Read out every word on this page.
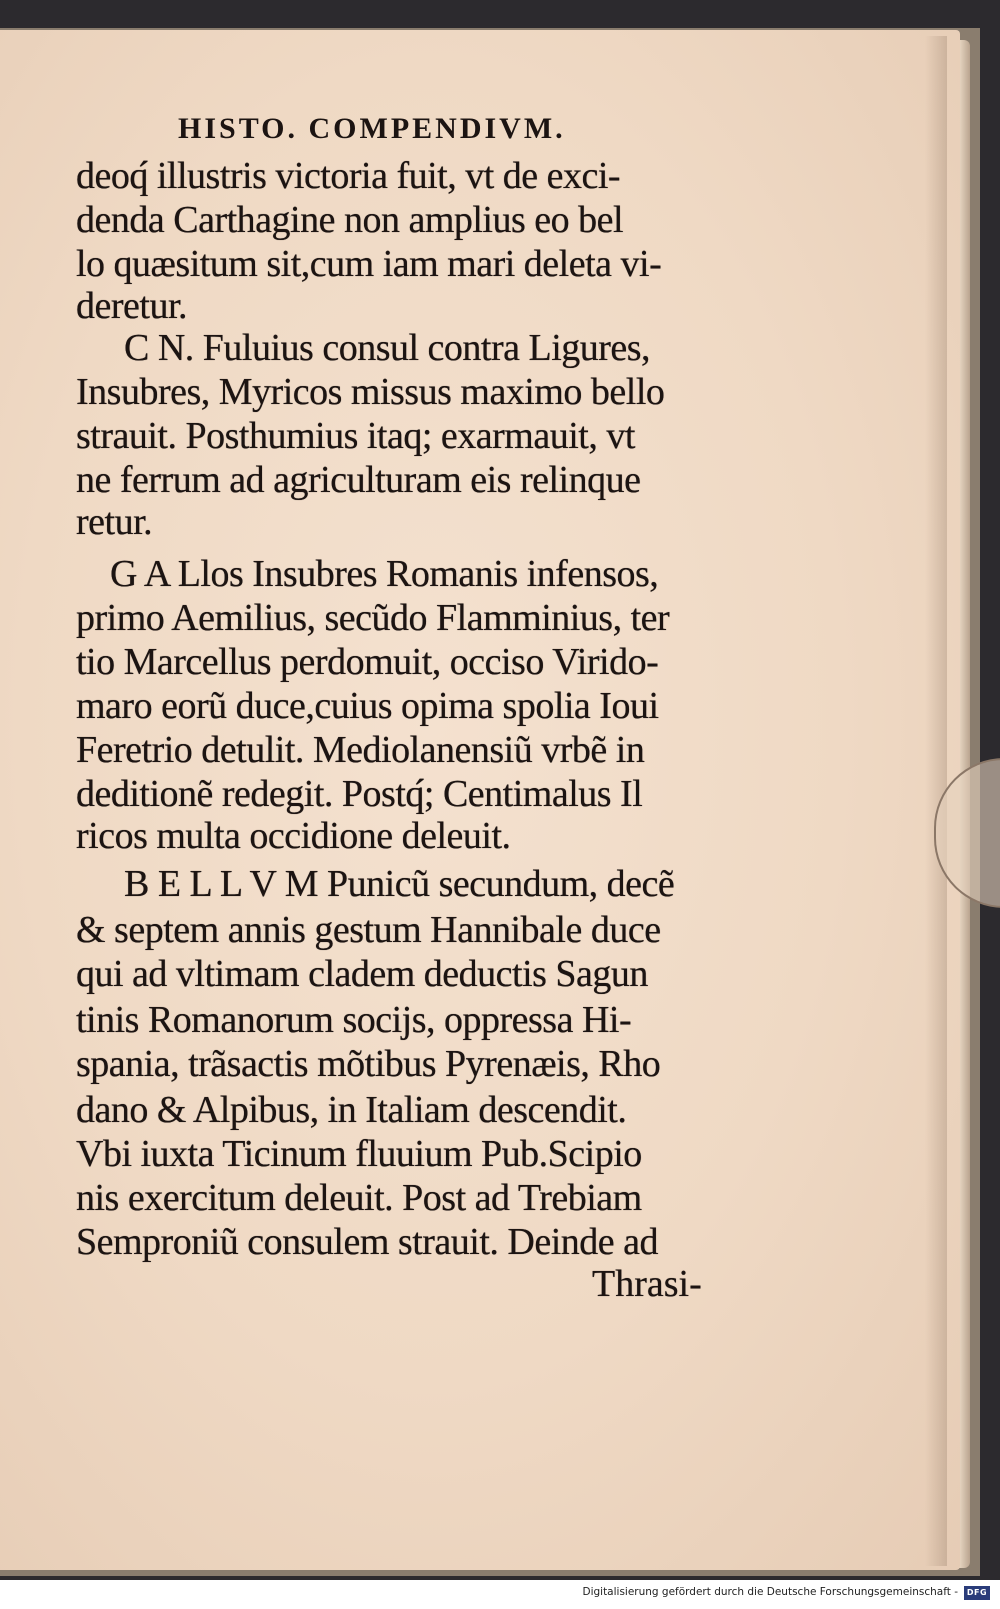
HISTO. COMPENDIVM.
deoq́ illustris victoria fuit, vt de exci-
denda Carthagine non amplius eo bel
lo quæsitum sit,cum iam mari deleta vi-
deretur.
C N. Fuluius consul contra Ligures,
Insubres, Myricos missus maximo bello
strauit. Posthumius itaq; exarmauit, vt
ne ferrum ad agriculturam eis relinque
retur.
G A Llos Insubres Romanis infensos,
primo Aemilius, secũdo Flamminius, ter
tio Marcellus perdomuit, occiso Virido-
maro eorũ duce,cuius opima spolia Ioui
Feretrio detulit. Mediolanensiũ vrbẽ in
deditionẽ redegit. Postq́; Centimalus Il
ricos multa occidione deleuit.
B E L L V M Punicũ secundum, decẽ
& septem annis gestum Hannibale duce
qui ad vltimam cladem deductis Sagun
tinis Romanorum socijs, oppressa Hi-
spania, trãsactis mõtibus Pyrenæis, Rho
dano & Alpibus, in Italiam descendit.
Vbi iuxta Ticinum fluuium Pub.Scipio
nis exercitum deleuit. Post ad Trebiam
Semproniũ consulem strauit. Deinde ad
Thrasi-
Digitalisierung gefördert durch die Deutsche Forschungsgemeinschaft -	DFG
